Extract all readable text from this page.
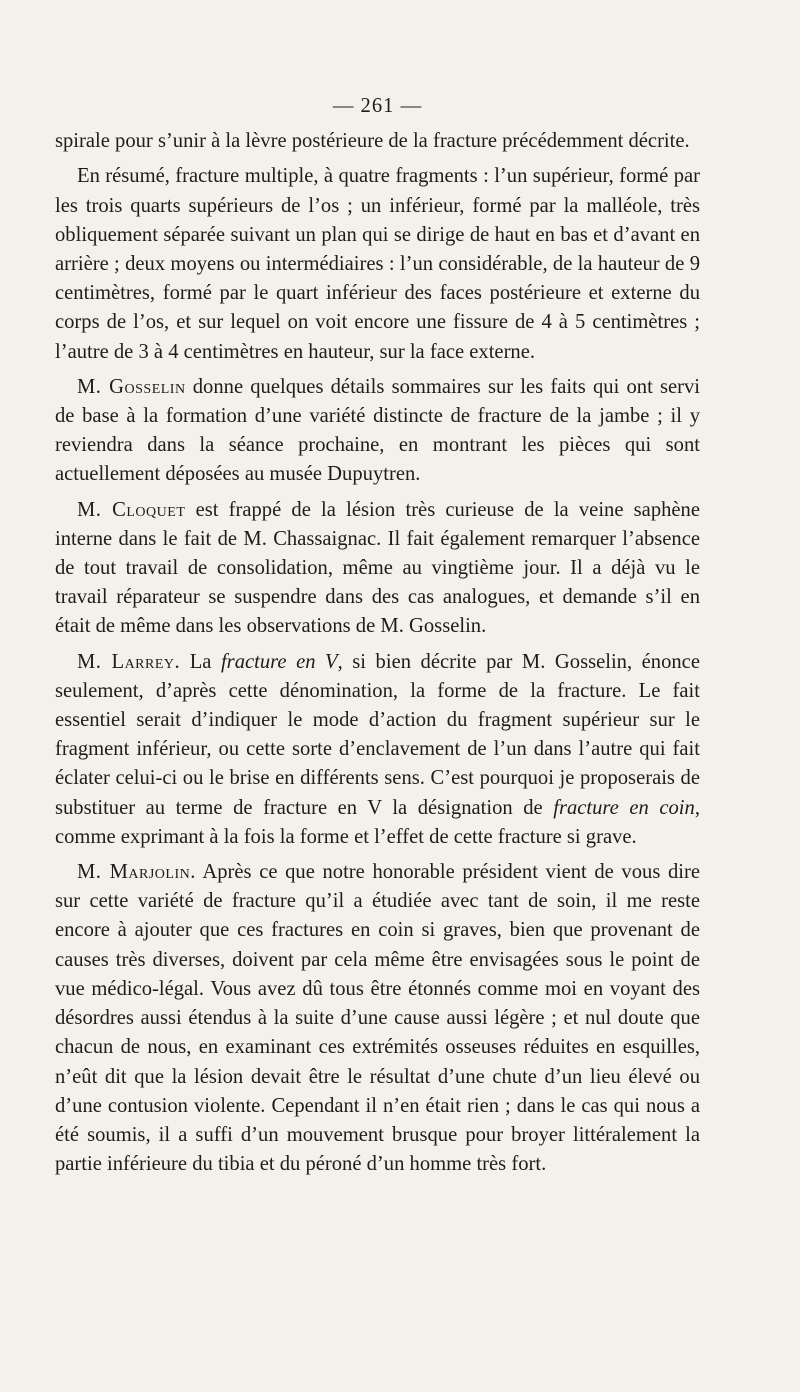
— 261 —

spirale pour s’unir à la lèvre postérieure de la fracture précédemment décrite.

En résumé, fracture multiple, à quatre fragments : l’un supérieur, formé par les trois quarts supérieurs de l’os ; un inférieur, formé par la malléole, très obliquement séparée suivant un plan qui se dirige de haut en bas et d’avant en arrière ; deux moyens ou intermédiaires : l’un considérable, de la hauteur de 9 centimètres, formé par le quart inférieur des faces postérieure et externe du corps de l’os, et sur lequel on voit encore une fissure de 4 à 5 centimètres ; l’autre de 3 à 4 centimètres en hauteur, sur la face externe.

M. Gosselin donne quelques détails sommaires sur les faits qui ont servi de base à la formation d’une variété distincte de fracture de la jambe ; il y reviendra dans la séance prochaine, en montrant les pièces qui sont actuellement déposées au musée Dupuytren.

M. Cloquet est frappé de la lésion très curieuse de la veine saphène interne dans le fait de M. Chassaignac. Il fait également remarquer l’absence de tout travail de consolidation, même au vingtième jour. Il a déjà vu le travail réparateur se suspendre dans des cas analogues, et demande s’il en était de même dans les observations de M. Gosselin.

M. Larrey. La fracture en V, si bien décrite par M. Gosselin, énonce seulement, d’après cette dénomination, la forme de la fracture. Le fait essentiel serait d’indiquer le mode d’action du fragment supérieur sur le fragment inférieur, ou cette sorte d’enclavement de l’un dans l’autre qui fait éclater celui-ci ou le brise en différents sens. C’est pourquoi je proposerais de substituer au terme de fracture en V la désignation de fracture en coin, comme exprimant à la fois la forme et l’effet de cette fracture si grave.

M. Marjolin. Après ce que notre honorable président vient de vous dire sur cette variété de fracture qu’il a étudiée avec tant de soin, il me reste encore à ajouter que ces fractures en coin si graves, bien que provenant de causes très diverses, doivent par cela même être envisagées sous le point de vue médico-légal. Vous avez dû tous être étonnés comme moi en voyant des désordres aussi étendus à la suite d’une cause aussi légère ; et nul doute que chacun de nous, en examinant ces extrémités osseuses réduites en esquilles, n’eût dit que la lésion devait être le résultat d’une chute d’un lieu élevé ou d’une contusion violente. Cependant il n’en était rien ; dans le cas qui nous a été soumis, il a suffi d’un mouvement brusque pour broyer littéralement la partie inférieure du tibia et du péroné d’un homme très fort.
